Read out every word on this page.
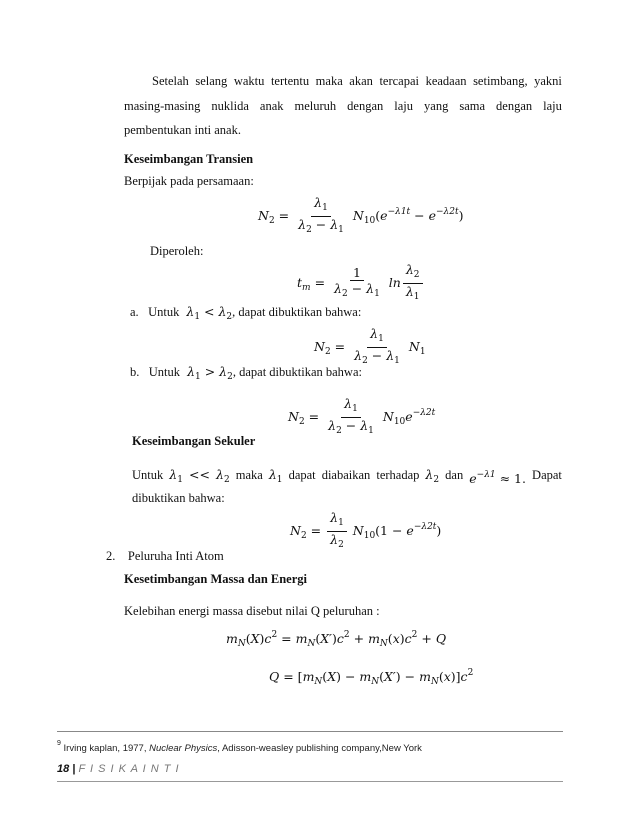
Setelah selang waktu tertentu maka akan tercapai keadaan setimbang, yakni
masing-masing nuklida anak meluruh dengan laju yang sama dengan laju
pembentukan inti anak.
Keseimbangan Transien
Berpijak pada persamaan:
$N_2 = \frac{\lambda_1}{\lambda_2 - \lambda_1} N_{10}(e^{-\lambda 1t} - e^{-\lambda 2t})$
Diperoleh:
$t_m = \frac{1}{\lambda_2 - \lambda_1}$ $\ln \frac{\lambda_2}{\lambda_1}$
a. Untuk  $\lambda_1 < \lambda_2$, dapat dibuktikan bahwa:
$N_2 = \frac{\lambda_1}{\lambda_2 - \lambda_1} N_1$
b. Untuk  $\lambda_1 > \lambda_2$, dapat dibuktikan bahwa:
$N_2 = \frac{\lambda_1}{\lambda_2 - \lambda_1} N_{10}e^{-\lambda 2t}$
Keseimbangan Sekuler
Untuk $\lambda_1 << \lambda_2$ maka $\lambda_1$ dapat diabaikan terhadap $\lambda_2$ dan $e^{-\lambda 1} \approx 1$. Dapat
dibuktikan bahwa:
$N_2 = \frac{\lambda_1}{\lambda_2} N_{10}(1 - e^{-\lambda 2t})$
2. Peluruha Inti Atom
Kesetimbangan Massa dan Energi
Kelebihan energi massa disebut nilai Q peluruhan :
$m_N(X)c^2 = m_N(X')c^2 + m_N(x)c^2 + Q$
$Q = [m_N(X) - m_N(X') - m_N(x)]c^2$
$^9$ Irving kaplan, 1977, Nuclear Physics, Adisson-weasley publishing company,New York
18 | F I S I K A I N T I
